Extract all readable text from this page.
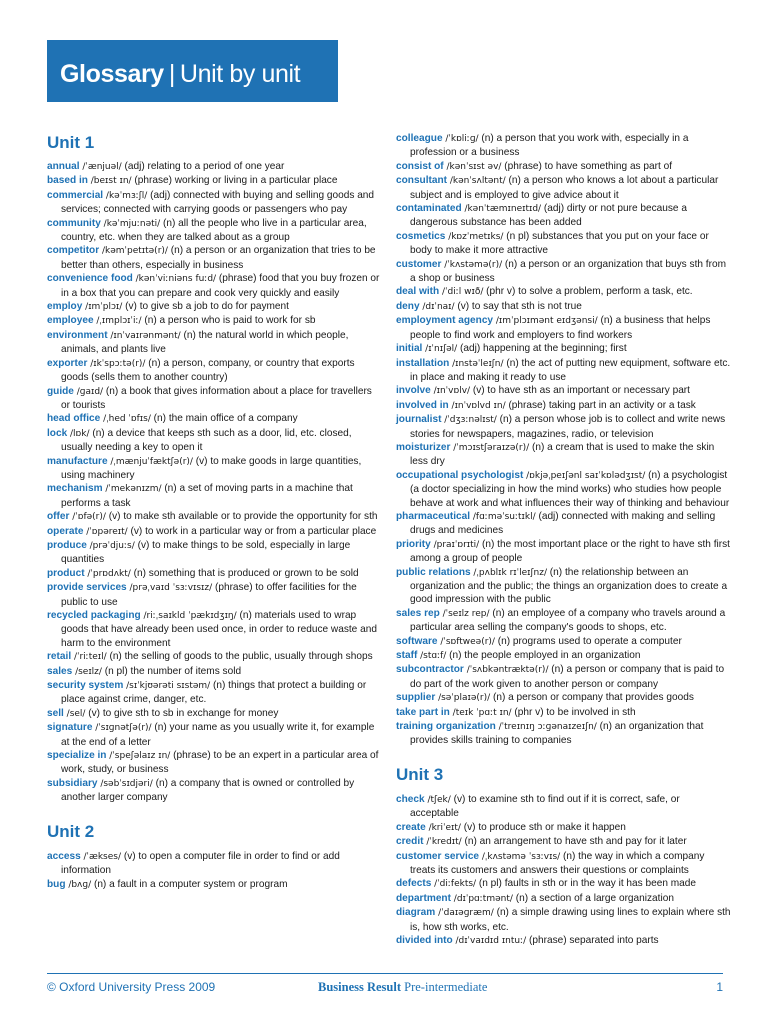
Glossary | Unit by unit
Unit 1
annual /ˈænjuəl/ (adj) relating to a period of one year
based in /beɪst ɪn/ (phrase) working or living in a particular place
commercial /kəˈmɜːʃl/ (adj) connected with buying and selling goods and services; connected with carrying goods or passengers who pay
community /kəˈmjuːnəti/ (n) all the people who live in a particular area, country, etc. when they are talked about as a group
competitor /kəmˈpetɪtə(r)/ (n) a person or an organization that tries to be better than others, especially in business
convenience food /kənˈviːniəns fuːd/ (phrase) food that you buy frozen or in a box that you can prepare and cook very quickly and easily
employ /ɪmˈplɔɪ/ (v) to give sb a job to do for payment
employee /ˌɪmplɔɪˈiː/ (n) a person who is paid to work for sb
environment /ɪnˈvaɪrənmənt/ (n) the natural world in which people, animals, and plants live
exporter /ɪkˈspɔːtə(r)/ (n) a person, company, or country that exports goods (sells them to another country)
guide /ɡaɪd/ (n) a book that gives information about a place for travellers or tourists
head office /ˌhed ˈɒfɪs/ (n) the main office of a company
lock /lɒk/ (n) a device that keeps sth such as a door, lid, etc. closed, usually needing a key to open it
manufacture /ˌmænjuˈfæktʃə(r)/ (v) to make goods in large quantities, using machinery
mechanism /ˈmekənɪzm/ (n) a set of moving parts in a machine that performs a task
offer /ˈɒfə(r)/ (v) to make sth available or to provide the opportunity for sth
operate /ˈɒpəreɪt/ (v) to work in a particular way or from a particular place
produce /prəˈdjuːs/ (v) to make things to be sold, especially in large quantities
product /ˈprɒdʌkt/ (n) something that is produced or grown to be sold
provide services /prəˌvaɪd ˈsɜːvɪsɪz/ (phrase) to offer facilities for the public to use
recycled packaging /riːˌsaɪkld ˈpækɪdʒɪŋ/ (n) materials used to wrap goods that have already been used once, in order to reduce waste and harm to the environment
retail /ˈriːteɪl/ (n) the selling of goods to the public, usually through shops
sales /seɪlz/ (n pl) the number of items sold
security system /sɪˈkjʊərəti sɪstəm/ (n) things that protect a building or place against crime, danger, etc.
sell /sel/ (v) to give sth to sb in exchange for money
signature /ˈsɪɡnətʃə(r)/ (n) your name as you usually write it, for example at the end of a letter
specialize in /ˈspeʃəlaɪz ɪn/ (phrase) to be an expert in a particular area of work, study, or business
subsidiary /səbˈsɪdjəri/ (n) a company that is owned or controlled by another larger company
Unit 2
access /ˈækses/ (v) to open a computer file in order to find or add information
bug /bʌɡ/ (n) a fault in a computer system or program
colleague /ˈkɒliːɡ/ (n) a person that you work with, especially in a profession or a business
consist of /kənˈsɪst əv/ (phrase) to have something as part of
consultant /kənˈsʌltənt/ (n) a person who knows a lot about a particular subject and is employed to give advice about it
contaminated /kənˈtæmɪneɪtɪd/ (adj) dirty or not pure because a dangerous substance has been added
cosmetics /kɒzˈmetɪks/ (n pl) substances that you put on your face or body to make it more attractive
customer /ˈkʌstəmə(r)/ (n) a person or an organization that buys sth from a shop or business
deal with /ˈdiːl wɪð/ (phr v) to solve a problem, perform a task, etc.
deny /dɪˈnaɪ/ (v) to say that sth is not true
employment agency /ɪmˈplɔɪmənt eɪdʒənsi/ (n) a business that helps people to find work and employers to find workers
initial /ɪˈnɪʃəl/ (adj) happening at the beginning; first
installation /ɪnstəˈleɪʃn/ (n) the act of putting new equipment, software etc. in place and making it ready to use
involve /ɪnˈvɒlv/ (v) to have sth as an important or necessary part
involved in /ɪnˈvɒlvd ɪn/ (phrase) taking part in an activity or a task
journalist /ˈdʒɜːnəlɪst/ (n) a person whose job is to collect and write news stories for newspapers, magazines, radio, or television
moisturizer /ˈmɔɪstʃəraɪzə(r)/ (n) a cream that is used to make the skin less dry
occupational psychologist /ɒkjəˌpeɪʃənl saɪˈkɒlədʒɪst/ (n) a psychologist (a doctor specializing in how the mind works) who studies how people behave at work and what influences their way of thinking and behaviour
pharmaceutical /fɑːməˈsuːtɪkl/ (adj) connected with making and selling drugs and medicines
priority /praɪˈɒrɪti/ (n) the most important place or the right to have sth first among a group of people
public relations /ˌpʌblɪk rɪˈleɪʃnz/ (n) the relationship between an organization and the public; the things an organization does to create a good impression with the public
sales rep /ˈseɪlz rep/ (n) an employee of a company who travels around a particular area selling the company's goods to shops, etc.
software /ˈsɒftweə(r)/ (n) programs used to operate a computer
staff /stɑːf/ (n) the people employed in an organization
subcontractor /ˈsʌbkəntræktə(r)/ (n) a person or company that is paid to do part of the work given to another person or company
supplier /səˈplaɪə(r)/ (n) a person or company that provides goods
take part in /teɪk ˈpɑːt ɪn/ (phr v) to be involved in sth
training organization /ˈtreɪnɪŋ ɔːɡənaɪzeɪʃn/ (n) an organization that provides skills training to companies
Unit 3
check /tʃek/ (v) to examine sth to find out if it is correct, safe, or acceptable
create /kriˈeɪt/ (v) to produce sth or make it happen
credit /ˈkredɪt/ (n) an arrangement to have sth and pay for it later
customer service /ˌkʌstəmə ˈsɜːvɪs/ (n) the way in which a company treats its customers and answers their questions or complaints
defects /ˈdiːfekts/ (n pl) faults in sth or in the way it has been made
department /dɪˈpɑːtmənt/ (n) a section of a large organization
diagram /ˈdaɪəɡræm/ (n) a simple drawing using lines to explain where sth is, how sth works, etc.
divided into /dɪˈvaɪdɪd ɪntuː/ (phrase) separated into parts
© Oxford University Press 2009	Business Result Pre-intermediate	1
